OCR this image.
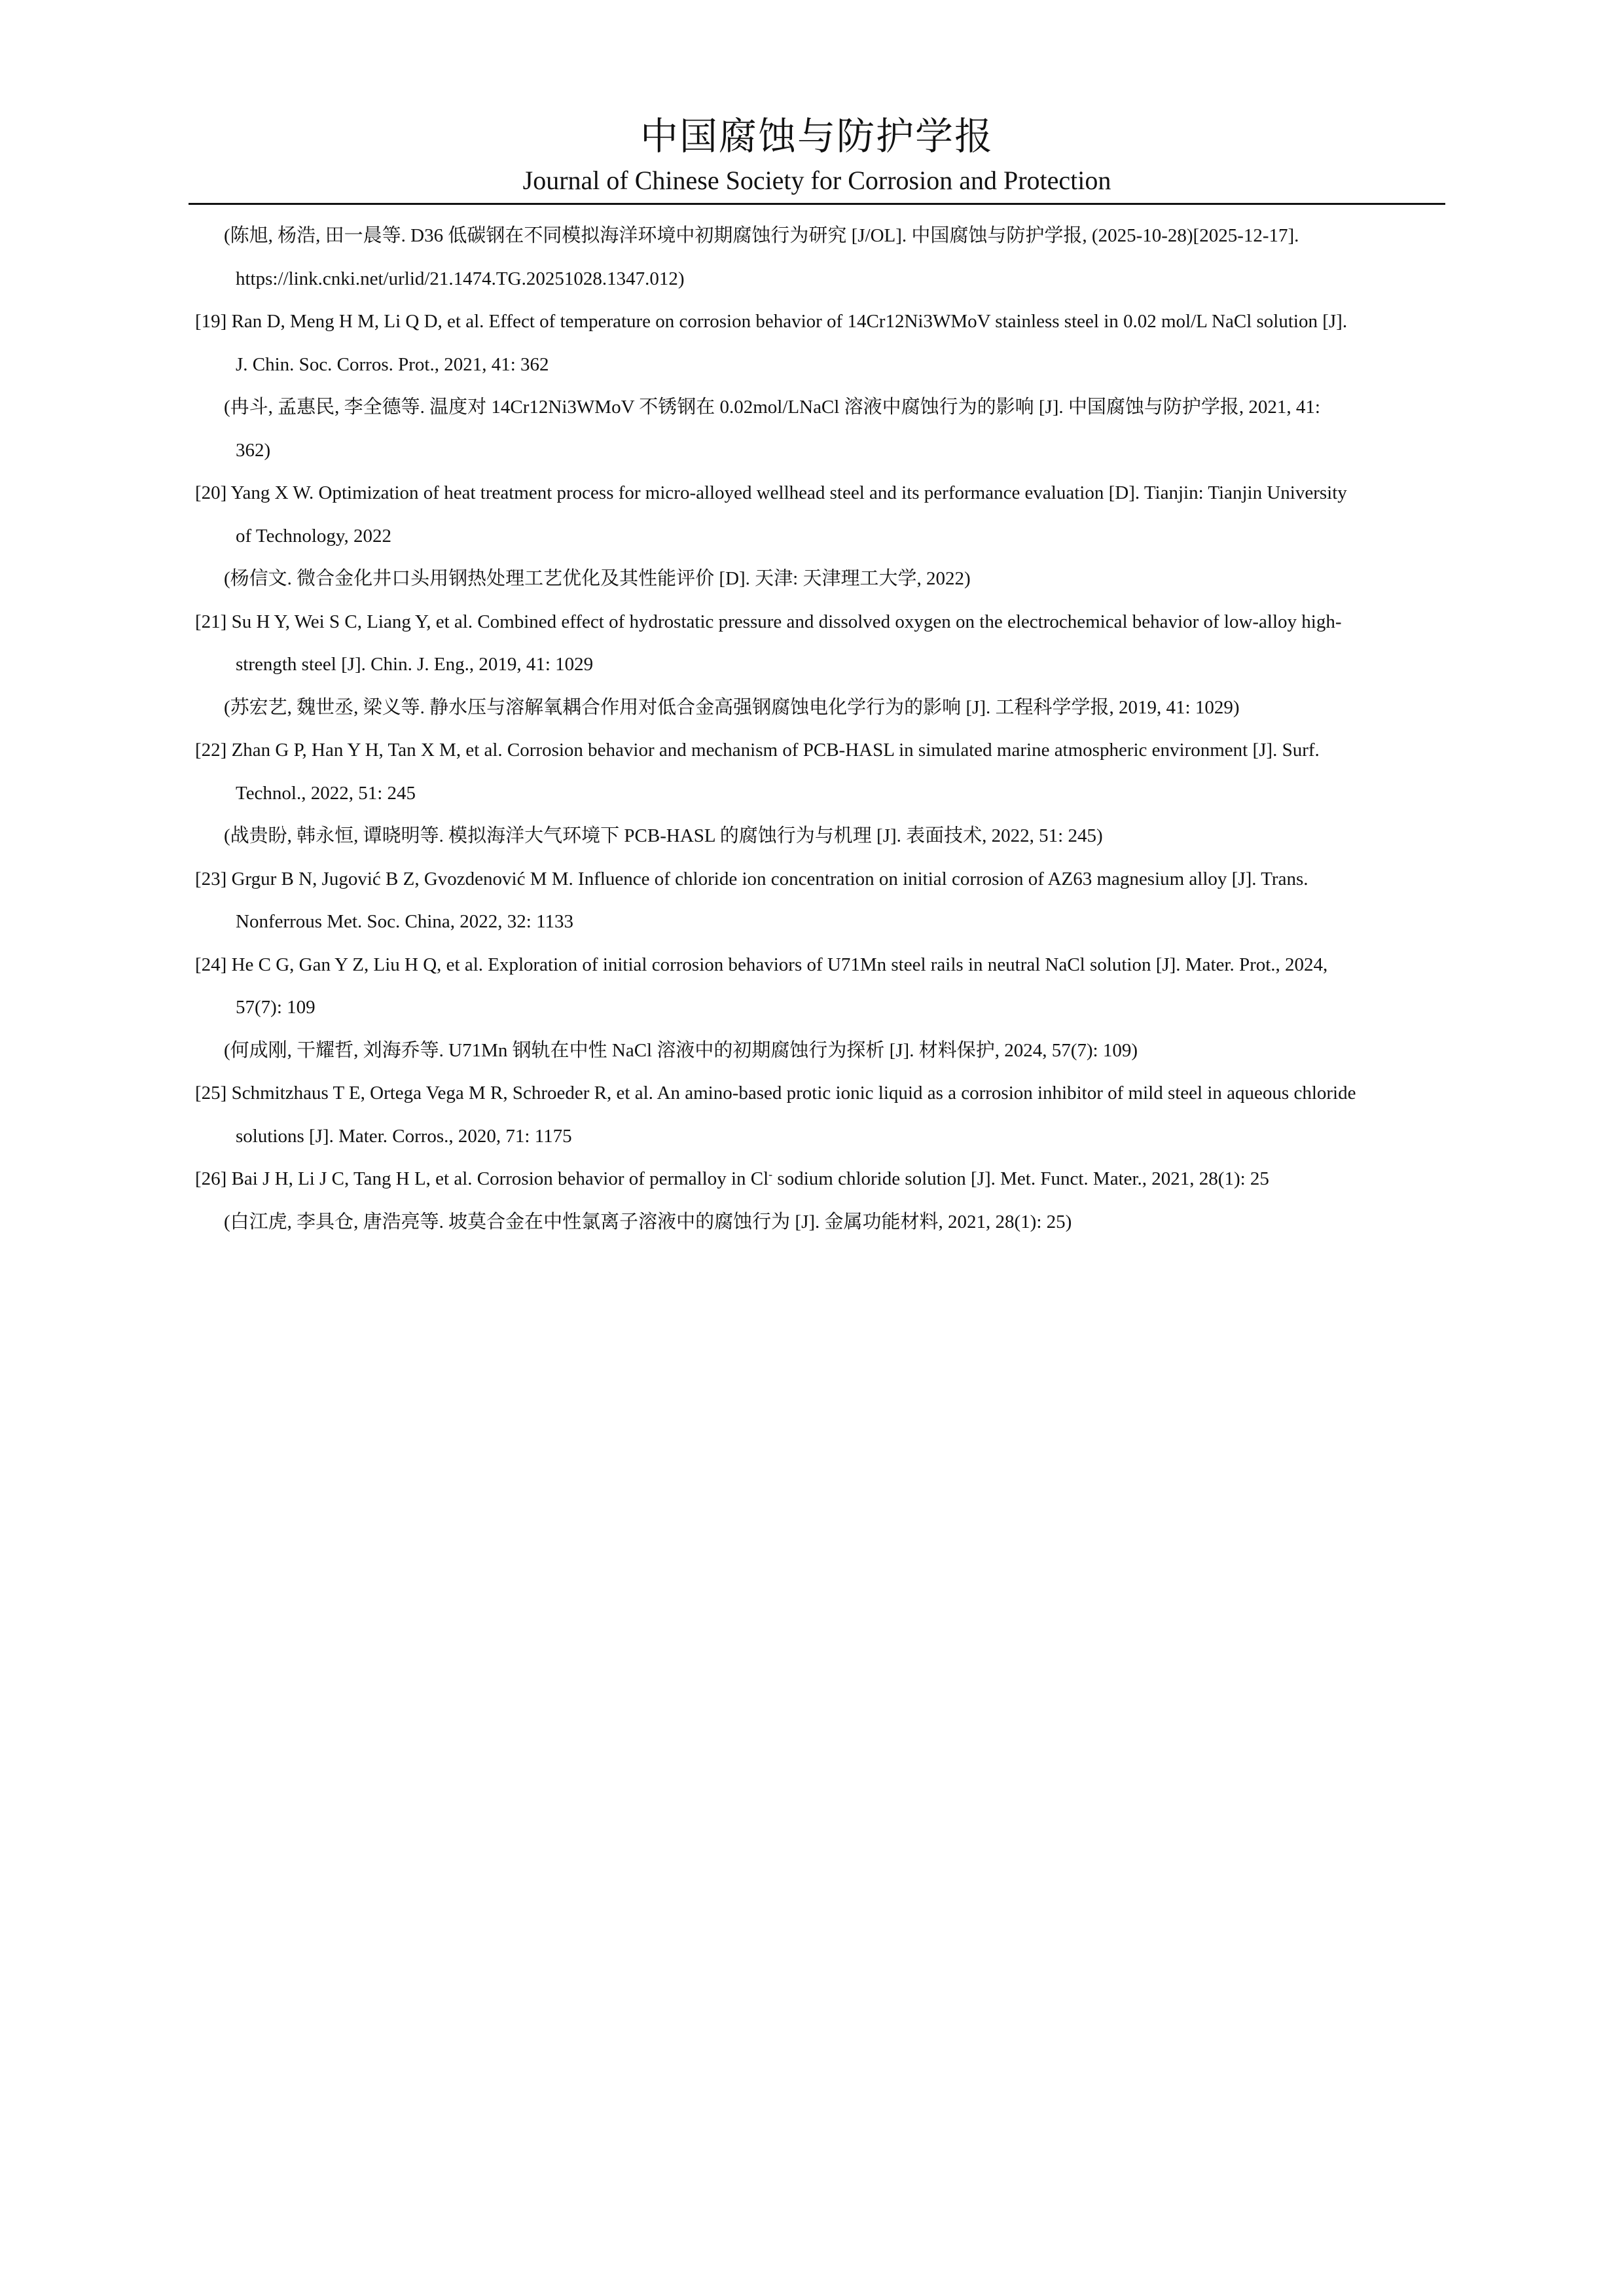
中国腐蚀与防护学报
Journal of Chinese Society for Corrosion and Protection
(陈旭, 杨浩, 田一晨等. D36 低碳钢在不同模拟海洋环境中初期腐蚀行为研究 [J/OL]. 中国腐蚀与防护学报, (2025-10-28)[2025-12-17].
https://link.cnki.net/urlid/21.1474.TG.20251028.1347.012)
[19] Ran D, Meng H M, Li Q D, et al. Effect of temperature on corrosion behavior of 14Cr12Ni3WMoV stainless steel in 0.02 mol/L NaCl solution [J].
J. Chin. Soc. Corros. Prot., 2021, 41: 362
(冉斗, 孟惠民, 李全德等. 温度对 14Cr12Ni3WMoV 不锈钢在 0.02mol/LNaCl 溶液中腐蚀行为的影响 [J]. 中国腐蚀与防护学报, 2021, 41:
362)
[20] Yang X W. Optimization of heat treatment process for micro-alloyed wellhead steel and its performance evaluation [D]. Tianjin: Tianjin University
of Technology, 2022
(杨信文. 微合金化井口头用钢热处理工艺优化及其性能评价 [D]. 天津: 天津理工大学, 2022)
[21] Su H Y, Wei S C, Liang Y, et al. Combined effect of hydrostatic pressure and dissolved oxygen on the electrochemical behavior of low-alloy high-
strength steel [J]. Chin. J. Eng., 2019, 41: 1029
(苏宏艺, 魏世丞, 梁义等. 静水压与溶解氧耦合作用对低合金高强钢腐蚀电化学行为的影响 [J]. 工程科学学报, 2019, 41: 1029)
[22] Zhan G P, Han Y H, Tan X M, et al. Corrosion behavior and mechanism of PCB-HASL in simulated marine atmospheric environment [J]. Surf.
Technol., 2022, 51: 245
(战贵盼, 韩永恒, 谭晓明等. 模拟海洋大气环境下 PCB-HASL 的腐蚀行为与机理 [J]. 表面技术, 2022, 51: 245)
[23] Grgur B N, Jugović B Z, Gvozdenović M M. Influence of chloride ion concentration on initial corrosion of AZ63 magnesium alloy [J]. Trans.
Nonferrous Met. Soc. China, 2022, 32: 1133
[24] He C G, Gan Y Z, Liu H Q, et al. Exploration of initial corrosion behaviors of U71Mn steel rails in neutral NaCl solution [J]. Mater. Prot., 2024,
57(7): 109
(何成刚, 干耀哲, 刘海乔等. U71Mn 钢轨在中性 NaCl 溶液中的初期腐蚀行为探析 [J]. 材料保护, 2024, 57(7): 109)
[25] Schmitzhaus T E, Ortega Vega M R, Schroeder R, et al. An amino-based protic ionic liquid as a corrosion inhibitor of mild steel in aqueous chloride
solutions [J]. Mater. Corros., 2020, 71: 1175
[26] Bai J H, Li J C, Tang H L, et al. Corrosion behavior of permalloy in Cl- sodium chloride solution [J]. Met. Funct. Mater., 2021, 28(1): 25
(白江虎, 李具仓, 唐浩亮等. 坡莫合金在中性氯离子溶液中的腐蚀行为 [J]. 金属功能材料, 2021, 28(1): 25)
